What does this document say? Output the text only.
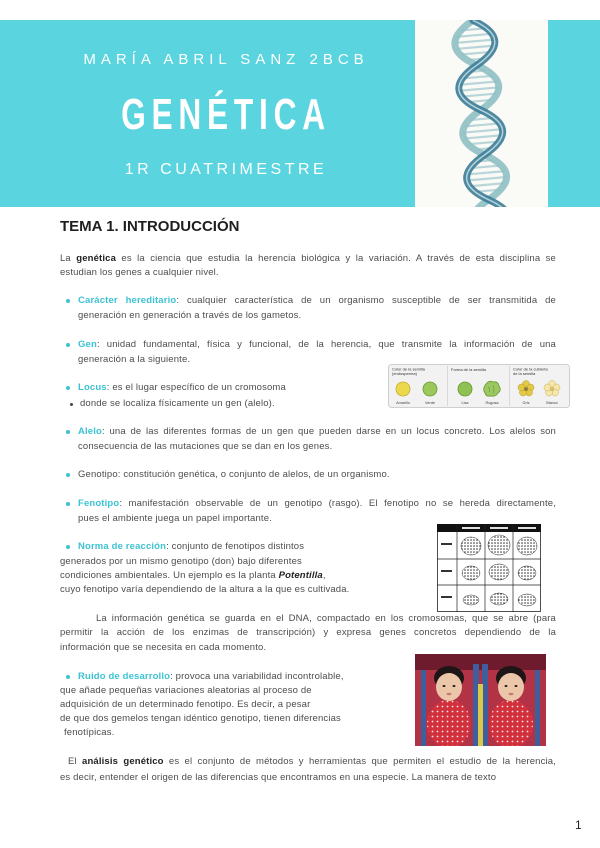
MARÍA ABRIL SANZ 2BCB
GENÉTICA
1R CUATRIMESTRE
TEMA 1. INTRODUCCIÓN
La genética es la ciencia que estudia la herencia biológica y la variación. A través de esta disciplina se
estudian los genes a cualquier nivel.
Carácter hereditario: cualquier característica de un organismo susceptible de ser transmitida de
generación en generación a través de los gametos.
Gen: unidad fundamental, física y funcional, de la herencia, que transmite la información de una
generación a la siguiente.
Locus: es el lugar específico de un cromosoma
donde se localiza físicamente un gen (alelo).
Color de la semilla
(endosperma)
Amarillo	Verde
Forma de la semilla
Lisa	Rugosa
Color de la cubierta
de la semilla
Gris	Blanco
Alelo: una de las diferentes formas de un gen que pueden darse en un locus concreto. Los alelos son
consecuencia de las mutaciones que se dan en los genes.
Genotipo: constitución genética, o conjunto de alelos, de un organismo.
Fenotipo: manifestación observable de un genotipo (rasgo). El fenotipo no se hereda directamente,
pues el ambiente juega un papel importante.
Norma de reacción: conjunto de fenotipos distintos
generados por un mismo genotipo (don) bajo diferentes
condiciones ambientales. Un ejemplo es la planta Potentilla,
cuyo fenotipo varía dependiendo de la altura a la que es cultivada.
La información genética se guarda en el DNA, compactado en los cromosomas, que se abre (para
permitir la acción de los enzimas de transcripción) y expresa genes concretos dependiendo de la
información que se necesita en cada momento.
Ruido de desarrollo: provoca una variabilidad incontrolable,
que añade pequeñas variaciones aleatorias al proceso de
adquisición de un determinado fenotipo. Es decir, a pesar
de que dos gemelos tengan idéntico genotipo, tienen diferencias
fenotípicas.
El análisis genético es el conjunto de métodos y herramientas que permiten el estudio de la herencia,
es decir, entender el origen de las diferencias que encontramos en una especie. La manera de texto
1
